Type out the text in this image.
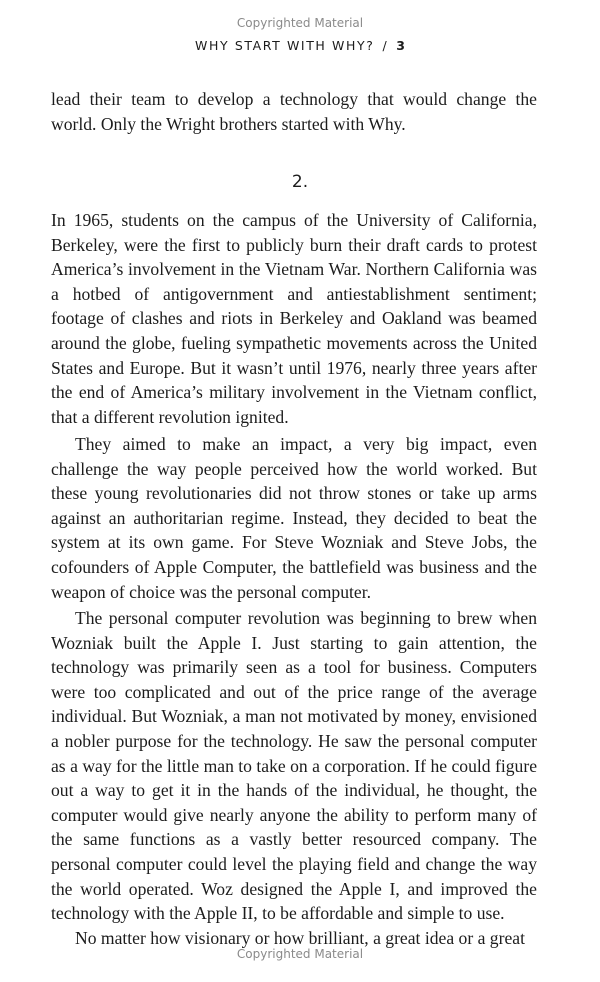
Copyrighted Material
WHY START WITH WHY? / 3

lead their team to develop a technology that would change the world. Only the Wright brothers started with Why.

2.

In 1965, students on the campus of the University of California, Berkeley, were the first to publicly burn their draft cards to protest America’s involvement in the Vietnam War. Northern California was a hotbed of antigovernment and antiestablishment sentiment; footage of clashes and riots in Berkeley and Oakland was beamed around the globe, fueling sympathetic movements across the United States and Europe. But it wasn’t until 1976, nearly three years after the end of America’s military involvement in the Vietnam conflict, that a different revolution ignited.

They aimed to make an impact, a very big impact, even challenge the way people perceived how the world worked. But these young revolutionaries did not throw stones or take up arms against an authoritarian regime. Instead, they decided to beat the system at its own game. For Steve Wozniak and Steve Jobs, the cofounders of Apple Computer, the battlefield was business and the weapon of choice was the personal computer.

The personal computer revolution was beginning to brew when Wozniak built the Apple I. Just starting to gain attention, the technology was primarily seen as a tool for business. Computers were too complicated and out of the price range of the average individual. But Wozniak, a man not motivated by money, envisioned a nobler purpose for the technology. He saw the personal computer as a way for the little man to take on a corporation. If he could figure out a way to get it in the hands of the individual, he thought, the computer would give nearly anyone the ability to perform many of the same functions as a vastly better resourced company. The personal computer could level the playing field and change the way the world operated. Woz designed the Apple I, and improved the technology with the Apple II, to be affordable and simple to use.

No matter how visionary or how brilliant, a great idea or a great

Copyrighted Material
